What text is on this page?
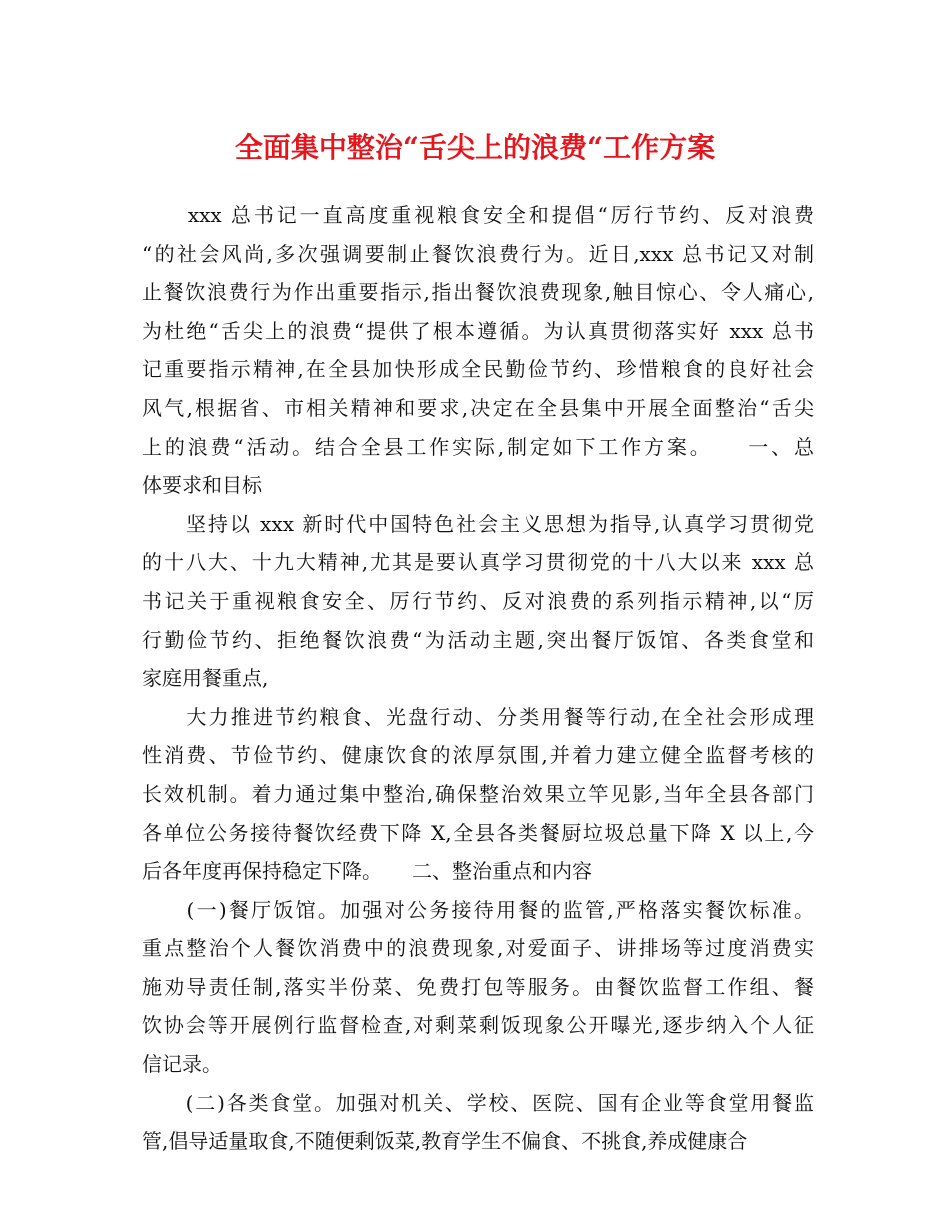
全面集中整治“舌尖上的浪费“工作方案
　　xxx 总书记一直高度重视粮食安全和提倡“厉行节约、反对浪费
“的社会风尚,多次强调要制止餐饮浪费行为。近日,xxx 总书记又对制
止餐饮浪费行为作出重要指示,指出餐饮浪费现象,触目惊心、令人痛心,
为杜绝“舌尖上的浪费“提供了根本遵循。为认真贯彻落实好 xxx 总书
记重要指示精神,在全县加快形成全民勤俭节约、珍惜粮食的良好社会
风气,根据省、市相关精神和要求,决定在全县集中开展全面整治“舌尖
上的浪费“活动。结合全县工作实际,制定如下工作方案。　　一、总
体要求和目标
　　坚持以 xxx 新时代中国特色社会主义思想为指导,认真学习贯彻党
的十八大、十九大精神,尤其是要认真学习贯彻党的十八大以来 xxx 总
书记关于重视粮食安全、厉行节约、反对浪费的系列指示精神,以“厉
行勤俭节约、拒绝餐饮浪费“为活动主题,突出餐厅饭馆、各类食堂和
家庭用餐重点,
　　大力推进节约粮食、光盘行动、分类用餐等行动,在全社会形成理
性消费、节俭节约、健康饮食的浓厚氛围,并着力建立健全监督考核的
长效机制。着力通过集中整治,确保整治效果立竿见影,当年全县各部门
各单位公务接待餐饮经费下降 X,全县各类餐厨垃圾总量下降 X 以上,今
后各年度再保持稳定下降。　　二、整治重点和内容
　　(一)餐厅饭馆。加强对公务接待用餐的监管,严格落实餐饮标准。
重点整治个人餐饮消费中的浪费现象,对爱面子、讲排场等过度消费实
施劝导责任制,落实半份菜、免费打包等服务。由餐饮监督工作组、餐
饮协会等开展例行监督检查,对剩菜剩饭现象公开曝光,逐步纳入个人征
信记录。
　　(二)各类食堂。加强对机关、学校、医院、国有企业等食堂用餐监
管,倡导适量取食,不随便剩饭菜,教育学生不偏食、不挑食,养成健康合
